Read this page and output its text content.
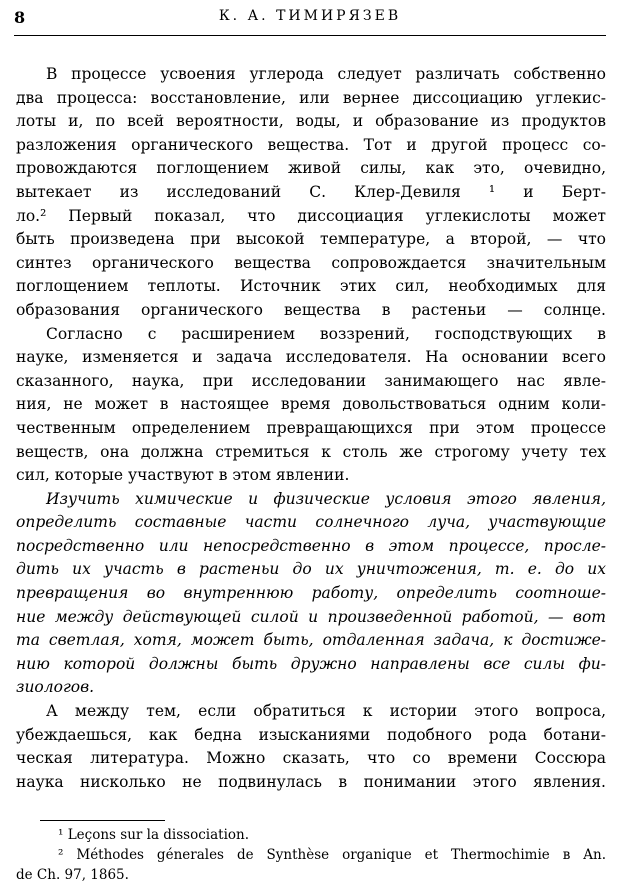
8	К. А. ТИМИРЯЗЕВ
В процессе усвоения углерода следует различать собственно
два процесса: восстановление, или вернее диссоциацию углекис-
лоты и, по всей вероятности, воды, и образование из продуктов
разложения органического вещества. Тот и другой процесс со-
провождаются поглощением живой силы, как это, очевидно,
вытекает из исследований С. Клер-Девиля ¹ и Берт-
ло.² Первый показал, что диссоциация углекислоты может
быть произведена при высокой температуре, а второй, — что
синтез органического вещества сопровождается значительным
поглощением теплоты. Источник этих сил, необходимых для
образования органического вещества в растеньи — солнце.
Согласно с расширением воззрений, господствующих в
науке, изменяется и задача исследователя. На основании всего
сказанного, наука, при исследовании занимающего нас явле-
ния, не может в настоящее время довольствоваться одним коли-
чественным определением превращающихся при этом процессе
веществ, она должна стремиться к столь же строгому учету тех
сил, которые участвуют в этом явлении.
Изучить химические и физические условия этого явления,
определить составные части солнечного луча, участвующие
посредственно или непосредственно в этом процессе, просле-
дить их участь в растеньи до их уничтожения, т. е. до их
превращения во внутреннюю работу, определить соотноше-
ние между действующей силой и произведенной работой, — вот
та светлая, хотя, может быть, отдаленная задача, к достиже-
нию которой должны быть дружно направлены все силы фи-
зиологов.
А между тем, если обратиться к истории этого вопроса,
убеждаешься, как бедна изысканиями подобного рода ботани-
ческая литература. Можно сказать, что со времени Соссюра
наука нисколько не подвинулась в понимании этого явления.
¹ Leçons sur la dissociation.
² Méthodes génerales de Synthèse organique et Thermochimie в An.
de Ch. 97, 1865.
